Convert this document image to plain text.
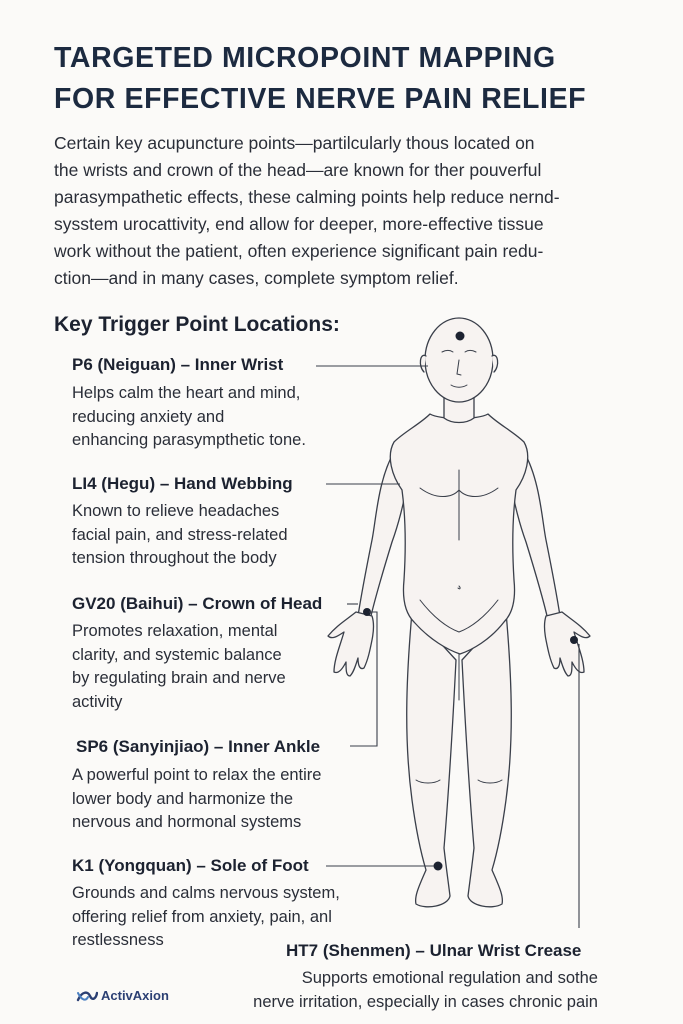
TARGETED MICROPOINT MAPPING
FOR EFFECTIVE NERVE PAIN RELIEF

Certain key acupuncture points—partilcularly thous located on
the wrists and crown of the head—are known for ther pouverful
parasympathetic effects, these calming points help reduce nernd-
sysstem urocattivity, end allow for deeper, more-effective tissue
work without the patient, often experience significant pain redu-
ction—and in many cases, complete symptom relief.

Key Trigger Point Locations:
P6 (Neiguan) – Inner Wrist

Helps calm the heart and mind,
reducing anxiety and
enhancing parasympthetic tone.

LI4 (Hegu) – Hand Webbing

Known to relieve headaches
facial pain, and stress-related
tension throughout the body

GV20 (Baihui) – Crown of Head

Promotes relaxation, mental
clarity, and systemic balance
by regulating brain and nerve
activity

SP6 (Sanyinjiao) – Inner Ankle

A powerful point to relax the entire
lower body and harmonize the
nervous and hormonal systems

K1 (Yongquan) – Sole of Foot

Grounds and calms nervous system,
offering relief from anxiety, pain, anl
restlessness

HT7 (Shenmen) – Ulnar Wrist Crease

Supports emotional regulation and sothe
nerve irritation, especially in cases chronic pain

ActivAxion
